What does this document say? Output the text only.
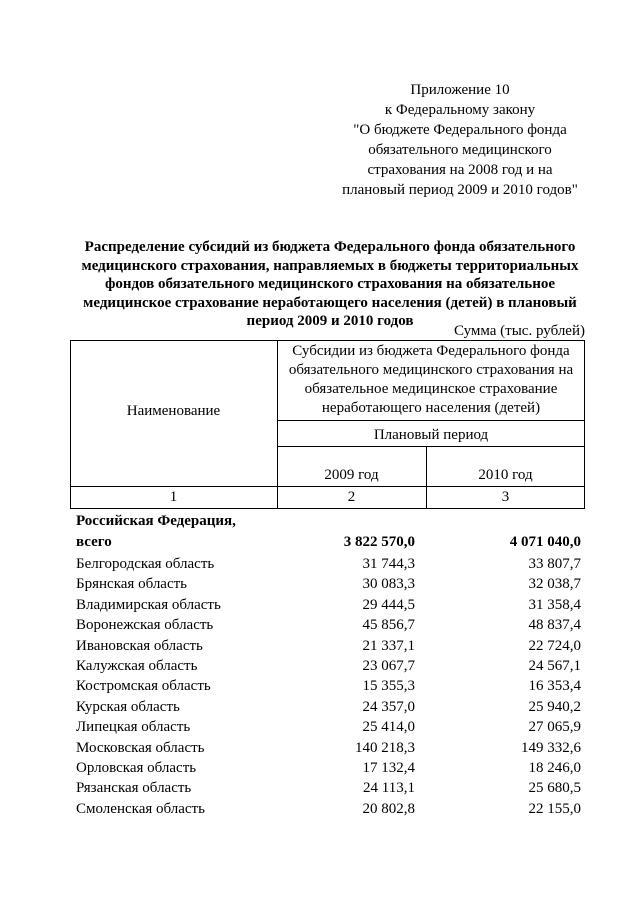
Приложение 10
к Федеральному закону
"О бюджете Федерального фонда
обязательного медицинского
страхования на 2008 год и на
плановый период 2009 и 2010 годов"
Распределение субсидий из бюджета Федерального фонда обязательного
медицинского страхования, направляемых в бюджеты территориальных
фондов обязательного медицинского страхования на обязательное
медицинское страхование неработающего населения (детей) в плановый
период 2009 и 2010 годов
Сумма (тыс. рублей)
Наименование
Субсидии из бюджета Федерального фонда
обязательного медицинского страхования на
обязательное медицинское страхование
неработающего населения (детей)
Плановый период
2009 год	2010 год
1	2	3
Российская Федерация,
всего	3 822 570,0	4 071 040,0
Белгородская область	31 744,3	33 807,7
Брянская область	30 083,3	32 038,7
Владимирская область	29 444,5	31 358,4
Воронежская область	45 856,7	48 837,4
Ивановская область	21 337,1	22 724,0
Калужская область	23 067,7	24 567,1
Костромская область	15 355,3	16 353,4
Курская область	24 357,0	25 940,2
Липецкая область	25 414,0	27 065,9
Московская область	140 218,3	149 332,6
Орловская область	17 132,4	18 246,0
Рязанская область	24 113,1	25 680,5
Смоленская область	20 802,8	22 155,0
